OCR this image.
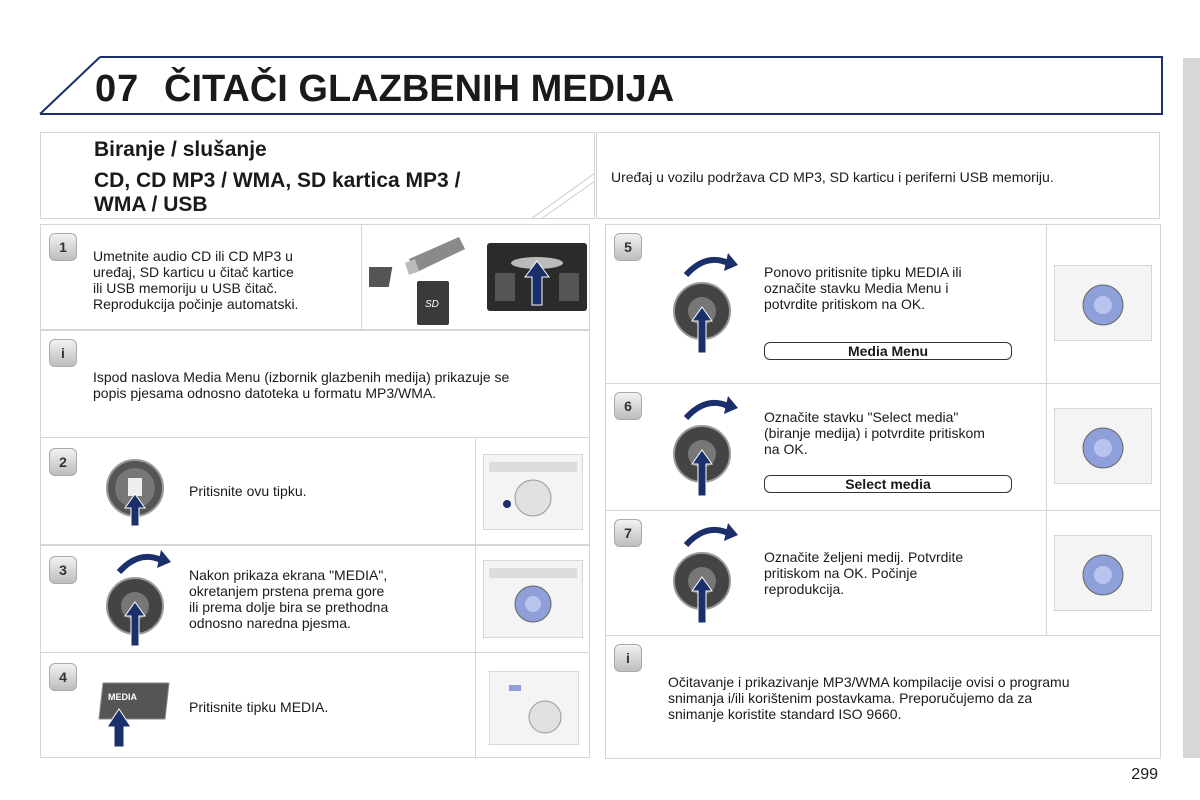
07 ČITAČI GLAZBENIH MEDIJA
Biranje / slušanje
CD, CD MP3 / WMA, SD kartica MP3 /
WMA / USB
Uređaj u vozilu podržava CD MP3, SD karticu i periferni USB memoriju.
1
Umetnite audio CD ili CD MP3 u
uređaj, SD karticu u čitač kartice
ili USB memoriju u USB čitač.
Reprodukcija počinje automatski.	SD
i
Ispod naslova Media Menu (izbornik glazbenih medija) prikazuje se
popis pjesama odnosno datoteka u formatu MP3/WMA.
2
Pritisnite ovu tipku.
3	Nakon prikaza ekrana "MEDIA",
okretanjem prstena prema gore
ili prema dolje bira se prethodna
odnosno naredna pjesma.
4
MEDIA
Pritisnite tipku MEDIA.
5
Ponovo pritisnite tipku MEDIA ili
označite stavku Media Menu i
potvrdite pritiskom na OK.
Media Menu
6
Označite stavku "Select media"
(biranje medija) i potvrdite pritiskom
na OK.
Select media
7
Označite željeni medij. Potvrdite
pritiskom na OK. Počinje
reprodukcija.
i
Očitavanje i prikazivanje MP3/WMA kompilacije ovisi o programu
snimanja i/ili korištenim postavkama. Preporučujemo da za
snimanje koristite standard ISO 9660.
299
